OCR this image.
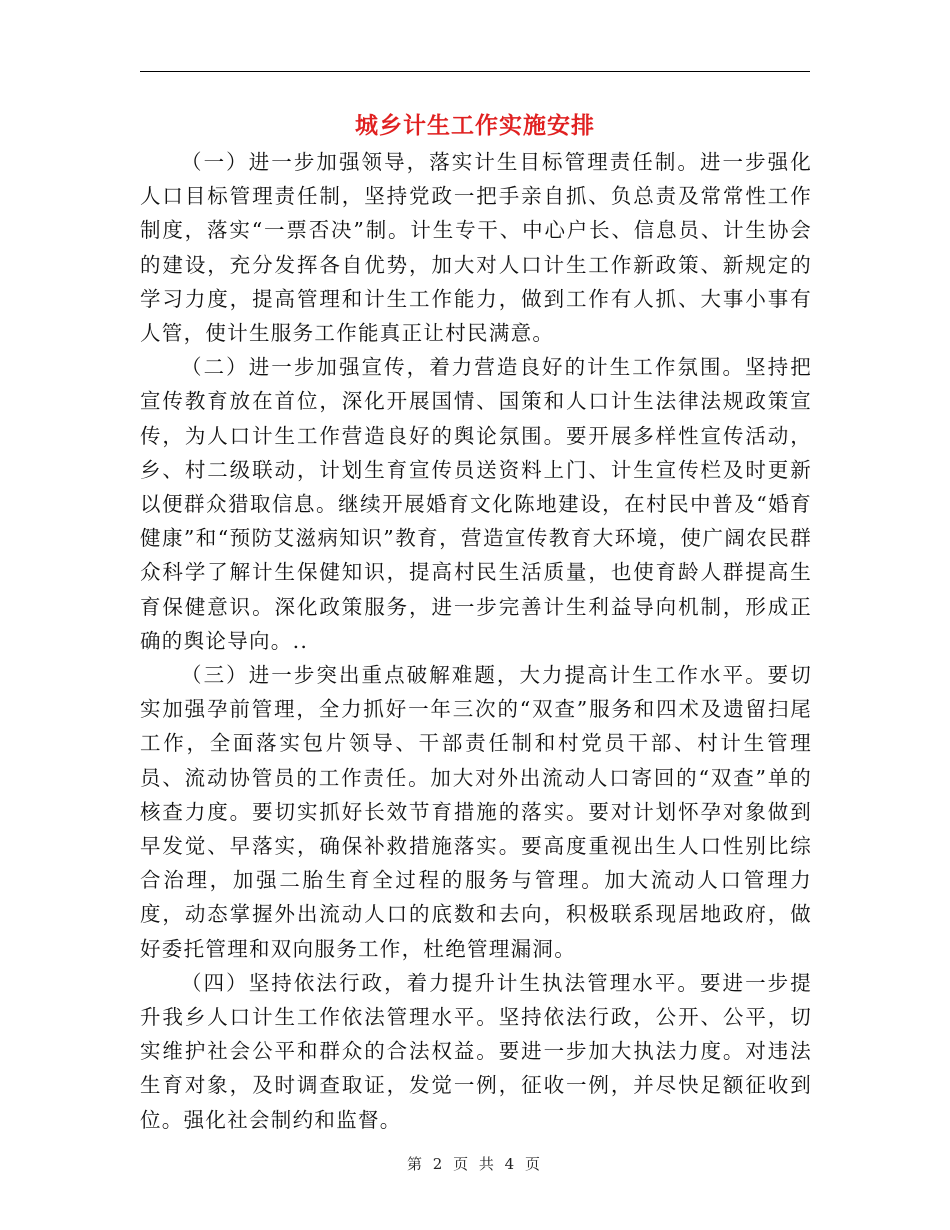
城乡计生工作实施安排

（一）进一步加强领导，落实计生目标管理责任制。进一步强化人口目标管理责任制，坚持党政一把手亲自抓、负总责及常常性工作制度，落实“一票否决”制。计生专干、中心户长、信息员、计生协会的建设，充分发挥各自优势，加大对人口计生工作新政策、新规定的学习力度，提高管理和计生工作能力，做到工作有人抓、大事小事有人管，使计生服务工作能真正让村民满意。

（二）进一步加强宣传，着力营造良好的计生工作氛围。坚持把宣传教育放在首位，深化开展国情、国策和人口计生法律法规政策宣传，为人口计生工作营造良好的舆论氛围。要开展多样性宣传活动，乡、村二级联动，计划生育宣传员送资料上门、计生宣传栏及时更新以便群众猎取信息。继续开展婚育文化陈地建设，在村民中普及“婚育健康”和“预防艾滋病知识”教育，营造宣传教育大环境，使广阔农民群众科学了解计生保健知识，提高村民生活质量，也使育龄人群提高生育保健意识。深化政策服务，进一步完善计生利益导向机制，形成正确的舆论导向。..

（三）进一步突出重点破解难题，大力提高计生工作水平。要切实加强孕前管理，全力抓好一年三次的“双查”服务和四术及遗留扫尾工作，全面落实包片领导、干部责任制和村党员干部、村计生管理员、流动协管员的工作责任。加大对外出流动人口寄回的“双查”单的核查力度。要切实抓好长效节育措施的落实。要对计划怀孕对象做到早发觉、早落实，确保补救措施落实。要高度重视出生人口性别比综合治理，加强二胎生育全过程的服务与管理。加大流动人口管理力度，动态掌握外出流动人口的底数和去向，积极联系现居地政府，做好委托管理和双向服务工作，杜绝管理漏洞。

（四）坚持依法行政，着力提升计生执法管理水平。要进一步提升我乡人口计生工作依法管理水平。坚持依法行政，公开、公平，切实维护社会公平和群众的合法权益。要进一步加大执法力度。对违法生育对象，及时调查取证，发觉一例，征收一例，并尽快足额征收到位。强化社会制约和监督。

第 2 页 共 4 页
